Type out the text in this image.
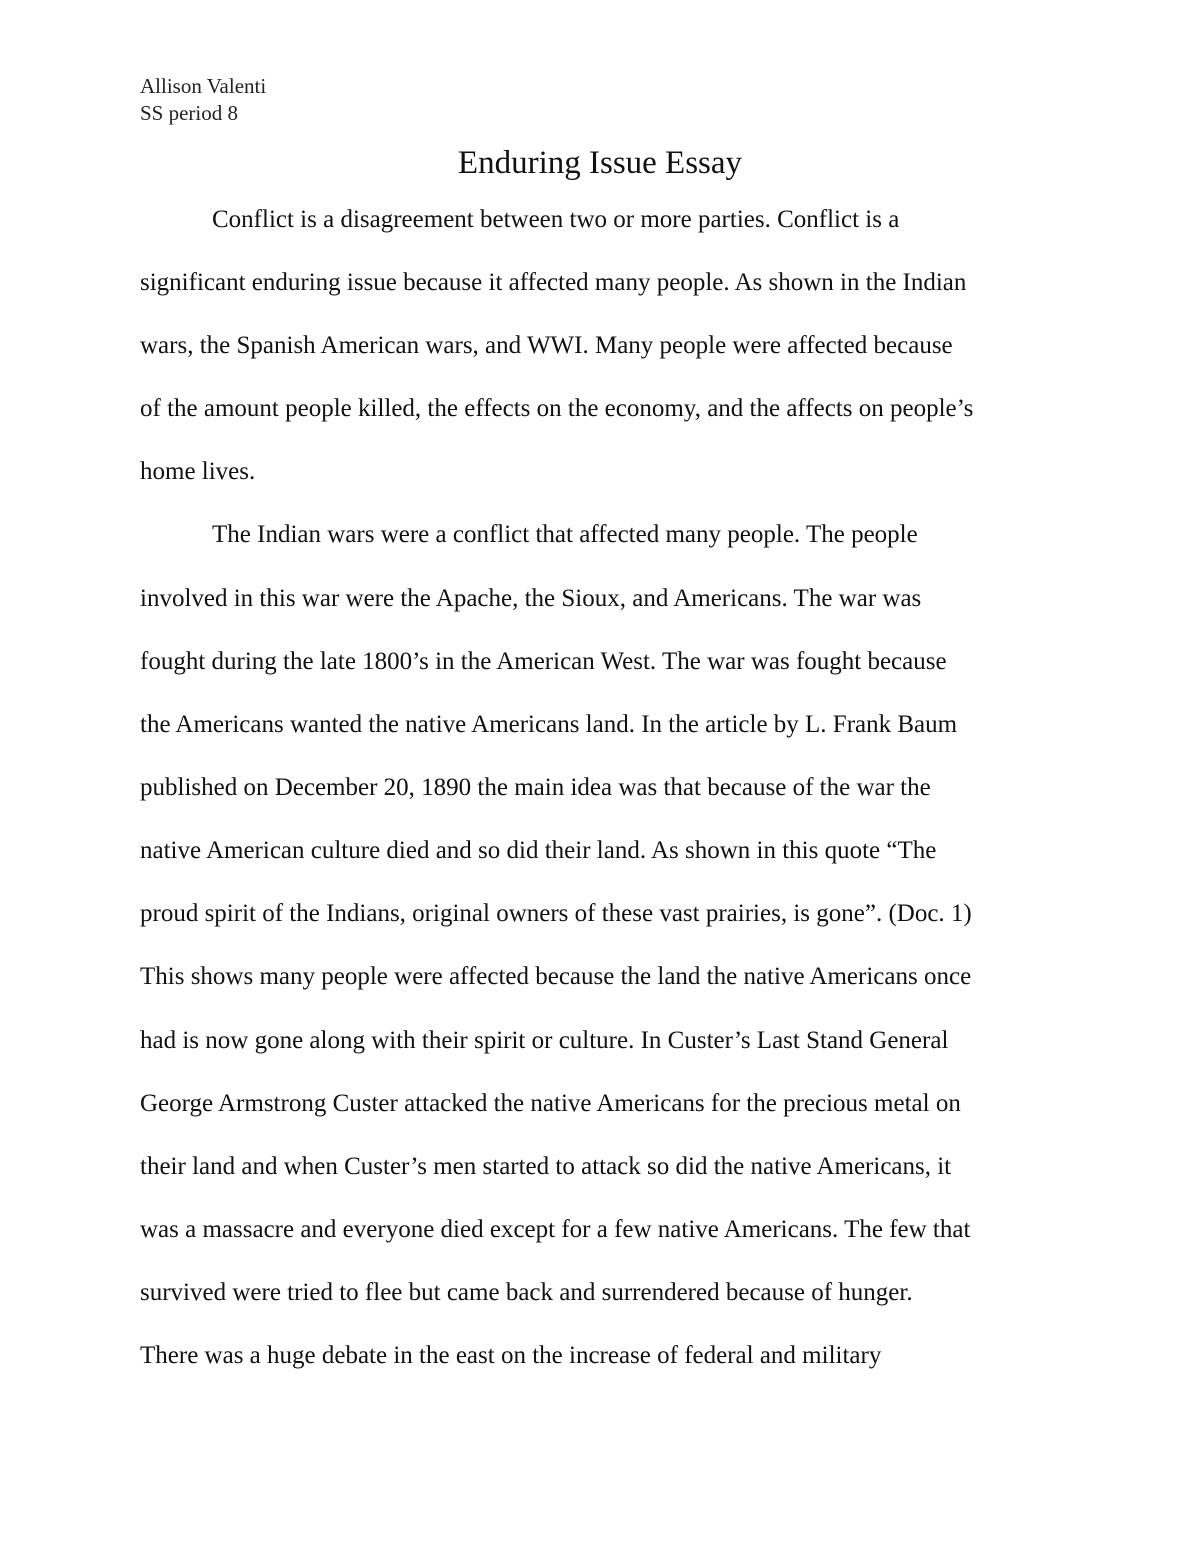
Allison Valenti
SS period 8
Enduring Issue Essay
Conflict is a disagreement between two or more parties. Conflict is a
significant enduring issue because it affected many people. As shown in the Indian
wars, the Spanish American wars, and WWI. Many people were affected because
of the amount people killed, the effects on the economy, and the affects on people’s
home lives.
The Indian wars were a conflict that affected many people. The people
involved in this war were the Apache, the Sioux, and Americans. The war was
fought during the late 1800’s in the American West. The war was fought because
the Americans wanted the native Americans land. In the article by L. Frank Baum
published on December 20, 1890 the main idea was that because of the war the
native American culture died and so did their land. As shown in this quote “The
proud spirit of the Indians, original owners of these vast prairies, is gone”. (Doc. 1)
This shows many people were affected because the land the native Americans once
had is now gone along with their spirit or culture. In Custer’s Last Stand General
George Armstrong Custer attacked the native Americans for the precious metal on
their land and when Custer’s men started to attack so did the native Americans, it
was a massacre and everyone died except for a few native Americans. The few that
survived were tried to flee but came back and surrendered because of hunger.
There was a huge debate in the east on the increase of federal and military
